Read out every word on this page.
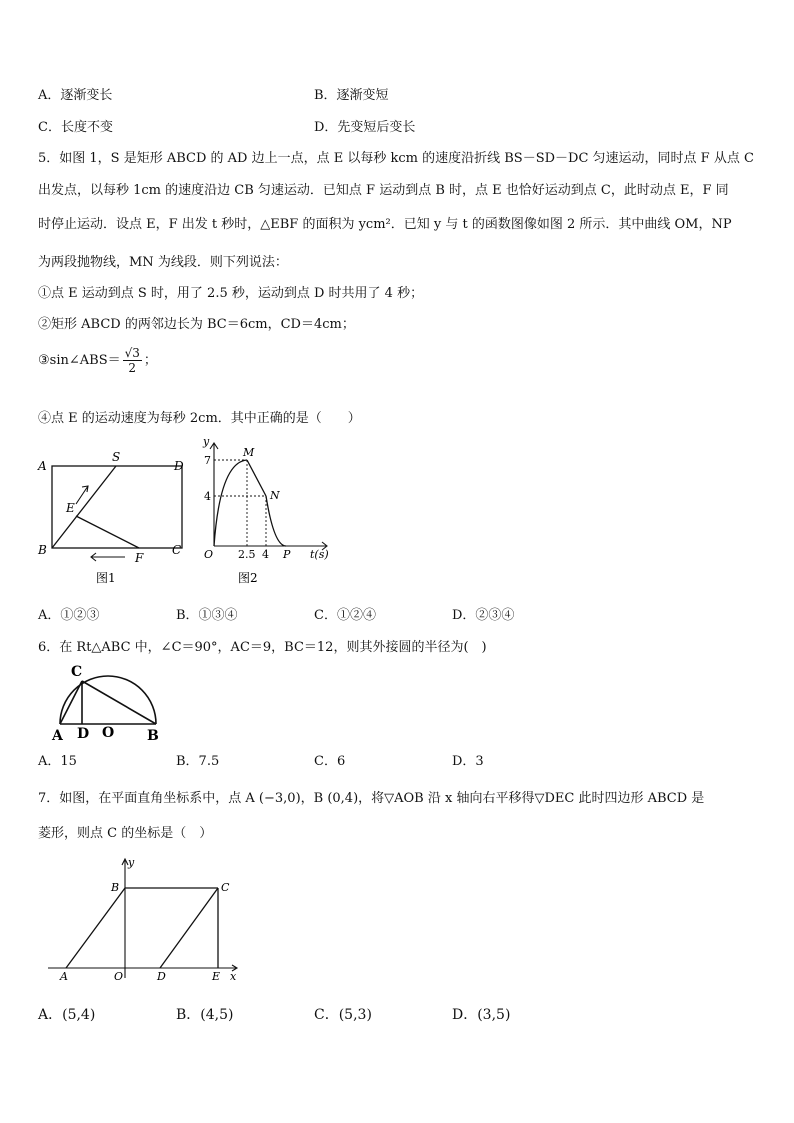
A．逐渐变长	B．逐渐变短
C．长度不变	D．先变短后变长
5．如图 1，S 是矩形 ABCD 的 AD 边上一点，点 E 以每秒 kcm 的速度沿折线 BS－SD－DC 匀速运动，同时点 F 从点 C
出发点，以每秒 1cm 的速度沿边 CB 匀速运动．已知点 F 运动到点 B 时，点 E 也恰好运动到点 C，此时动点 E，F 同
时停止运动．设点 E，F 出发 t 秒时，△EBF 的面积为 ycm²．已知 y 与 t 的函数图像如图 2 所示．其中曲线 OM，NP
为两段抛物线，MN 为线段．则下列说法：
①点 E 运动到点 S 时，用了 2.5 秒，运动到点 D 时共用了 4 秒；
②矩形 ABCD 的两邻边长为 BC＝6cm，CD＝4cm；
③sin∠ABS＝ $\frac{√3}{2}$ ；
④点 E 的运动速度为每秒 2cm．其中正确的是（　　）
A
S
D
E
B
F
C
图1
y
M
N
O	P t(s)
7
4
2.5 4
图2
A．①②③	B．①③④	C．①②④	D．②③④
6．在 Rt△ABC 中，∠C＝90°，AC＝9，BC＝12，则其外接圆的半径为(　)
C
A D O B
A．15	B．7.5	C．6	D．3
7．如图，在平面直角坐标系中，点 A (−3,0)，B (0,4)，将▽AOB 沿 x 轴向右平移得▽DEC 此时四边形 ABCD 是
菱形，则点 C 的坐标是（　）
y
B	C
A	O	D	E x
A．(5,4)	B．(4,5)	C．(5,3)	D．(3,5)
